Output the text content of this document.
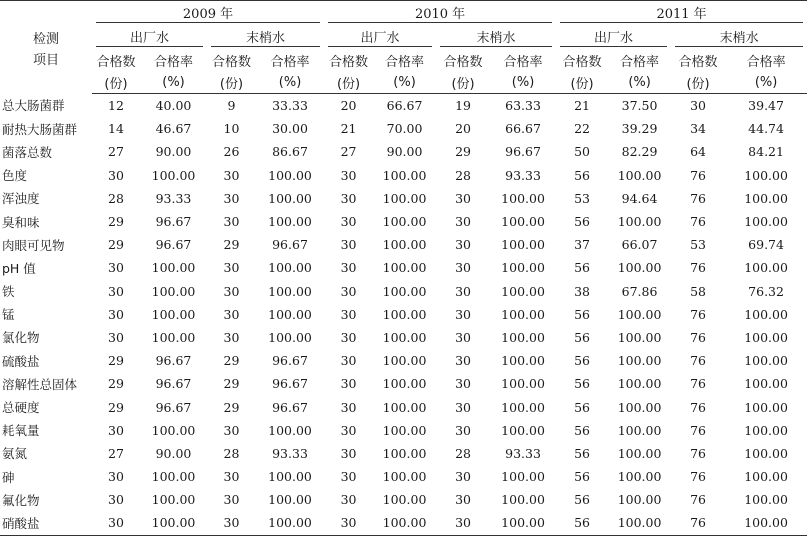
检测	2009 年				2010 年				2011 年			

	出厂水		末梢水		出厂水		末梢水		出厂水		末梢水	

项目	合格数	合格率	合格数	合格率	合格数	合格率	合格数	合格率	合格数	合格率	合格数	合格率
	(份)	(%)	(份)	(%)	(份)	(%)	(份)	(%)	(份)	(%)	(份)	(%)
总大肠菌群	12	40.00	9	33.33	20	66.67	19	63.33	21	37.50	30	39.47
耐热大肠菌群	14	46.67	10	30.00	21	70.00	20	66.67	22	39.29	34	44.74
菌落总数	27	90.00	26	86.67	27	90.00	29	96.67	50	82.29	64	84.21
色度	30	100.00	30	100.00	30	100.00	28	93.33	56	100.00	76	100.00
浑浊度	28	93.33	30	100.00	30	100.00	30	100.00	53	94.64	76	100.00
臭和味	29	96.67	30	100.00	30	100.00	30	100.00	56	100.00	76	100.00
肉眼可见物	29	96.67	29	96.67	30	100.00	30	100.00	37	66.07	53	69.74
pH 值	30	100.00	30	100.00	30	100.00	30	100.00	56	100.00	76	100.00
铁	30	100.00	30	100.00	30	100.00	30	100.00	38	67.86	58	76.32
锰	30	100.00	30	100.00	30	100.00	30	100.00	56	100.00	76	100.00
氯化物	30	100.00	30	100.00	30	100.00	30	100.00	56	100.00	76	100.00
硫酸盐	29	96.67	29	96.67	30	100.00	30	100.00	56	100.00	76	100.00
溶解性总固体	29	96.67	29	96.67	30	100.00	30	100.00	56	100.00	76	100.00
总硬度	29	96.67	29	96.67	30	100.00	30	100.00	56	100.00	76	100.00
耗氧量	30	100.00	30	100.00	30	100.00	30	100.00	56	100.00	76	100.00
氨氮	27	90.00	28	93.33	30	100.00	28	93.33	56	100.00	76	100.00
砷	30	100.00	30	100.00	30	100.00	30	100.00	56	100.00	76	100.00
氟化物	30	100.00	30	100.00	30	100.00	30	100.00	56	100.00	76	100.00
硝酸盐	30	100.00	30	100.00	30	100.00	30	100.00	56	100.00	76	100.00
